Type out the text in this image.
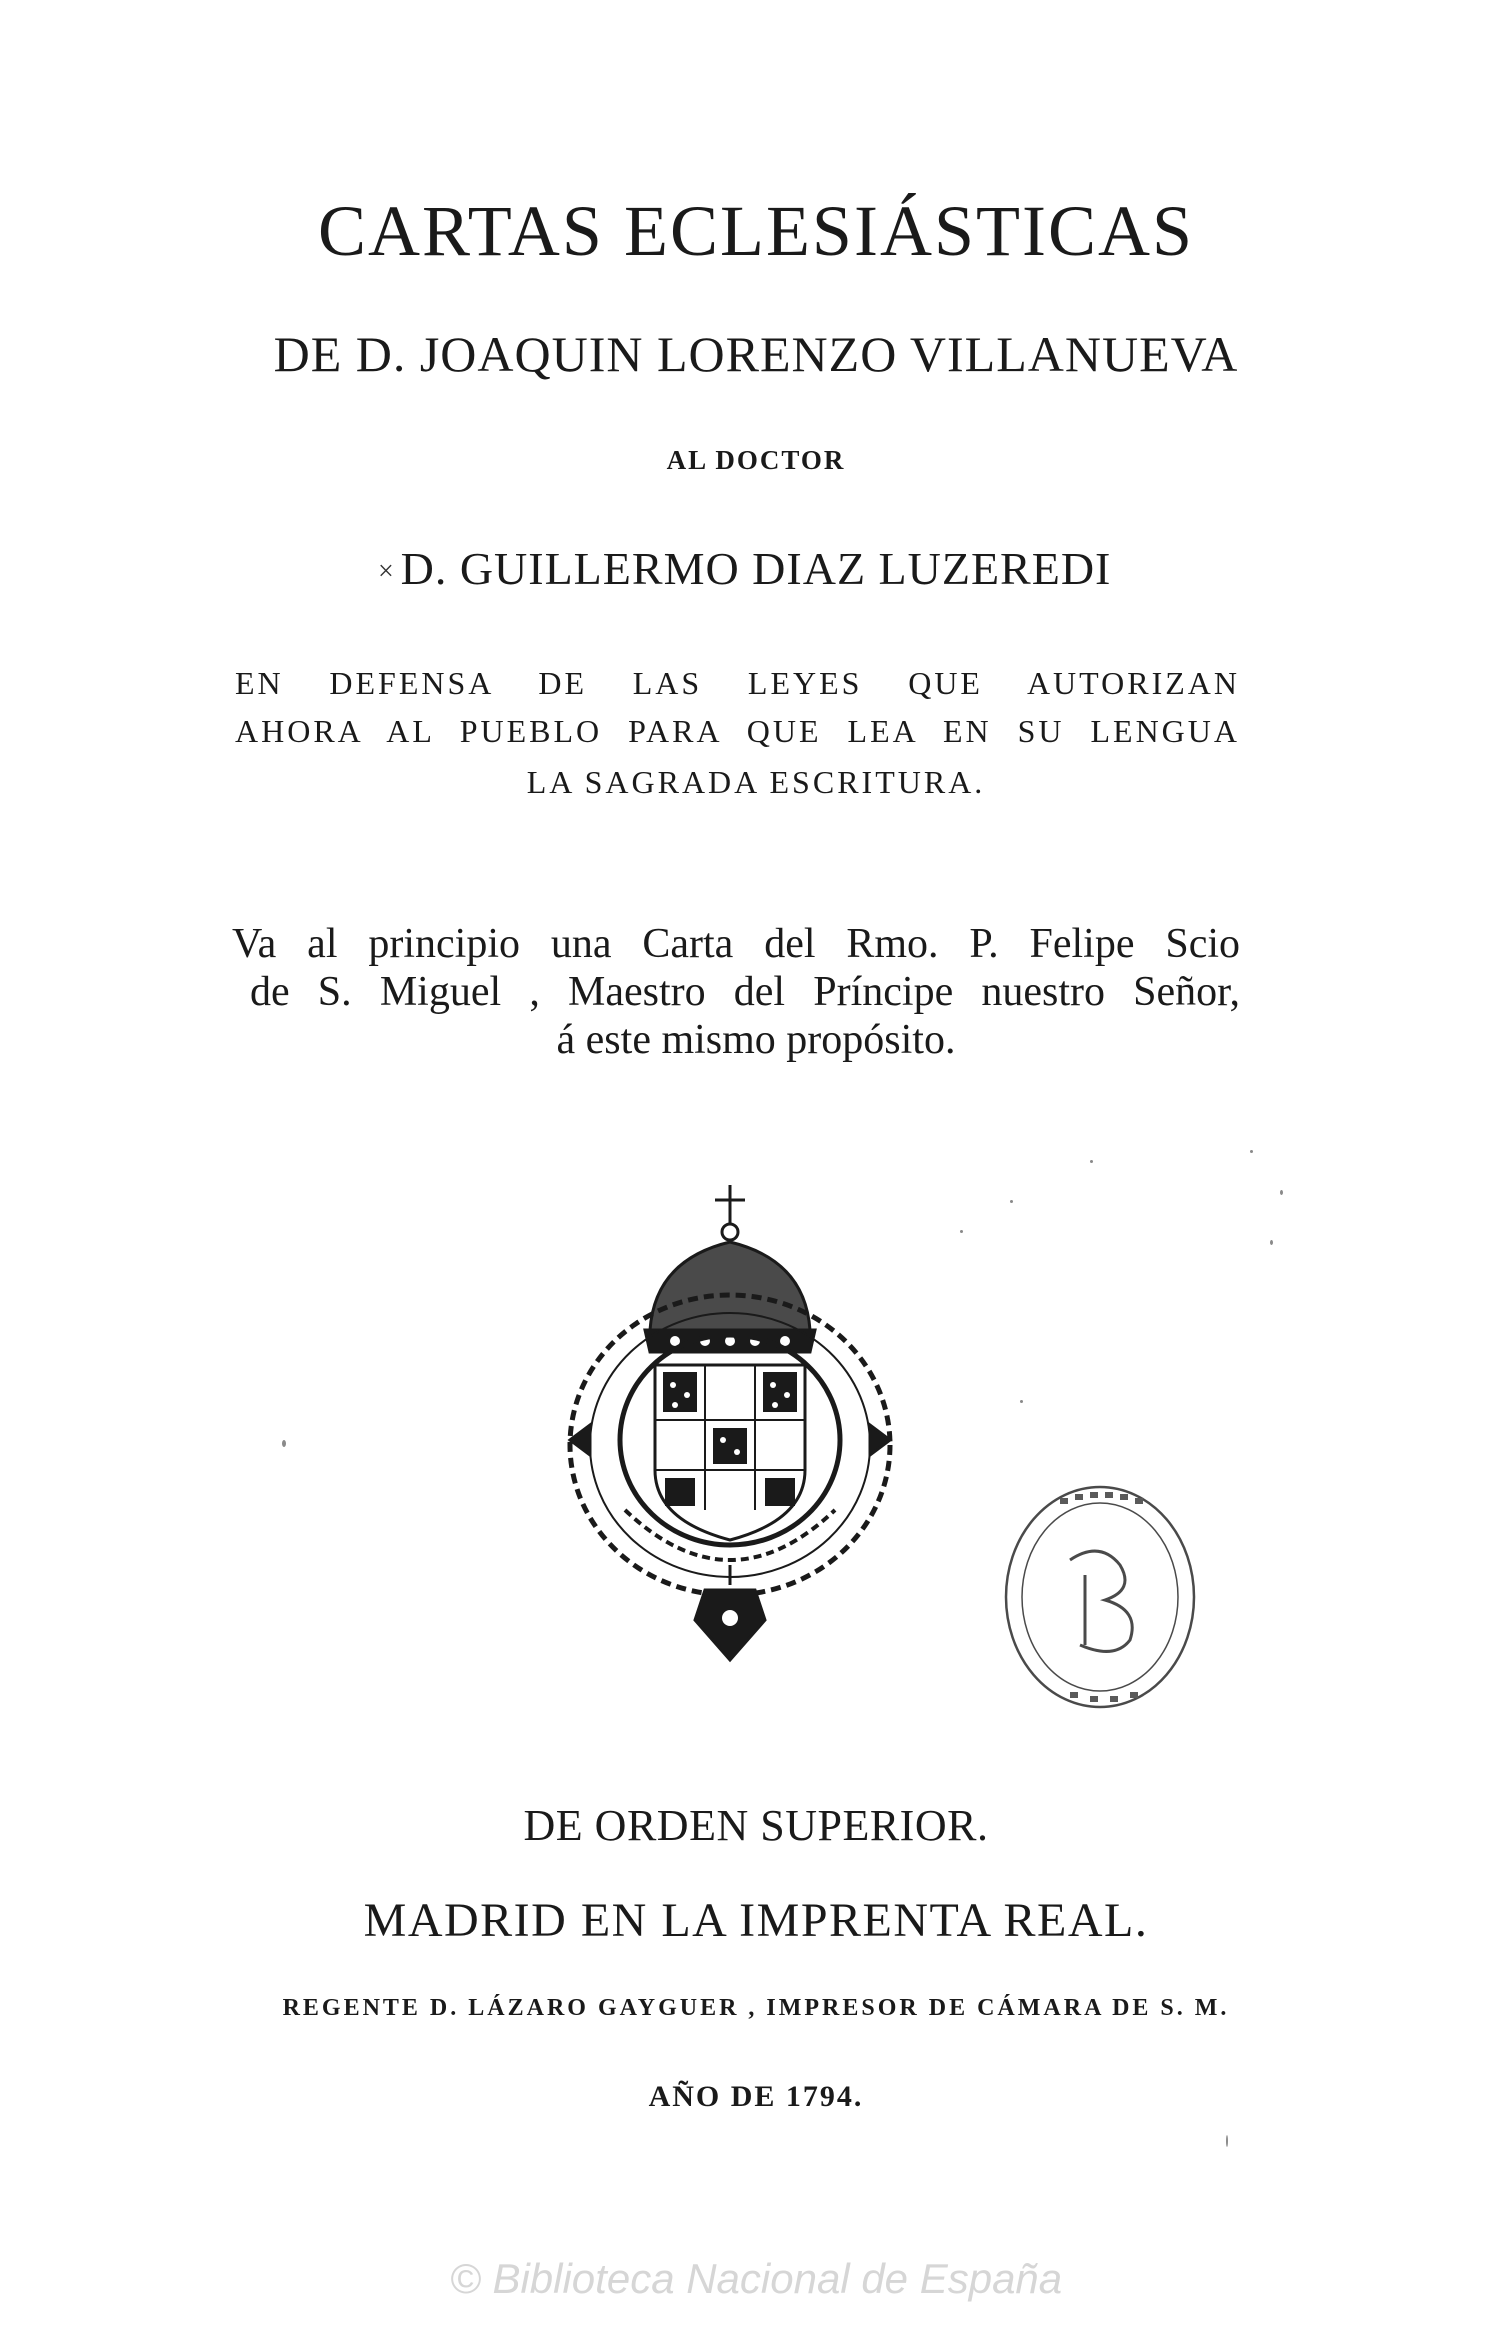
CARTAS ECLESIÁSTICAS
DE D. JOAQUIN LORENZO VILLANUEVA
AL DOCTOR
× D. GUILLERMO DIAZ LUZEREDI
EN DEFENSA DE LAS LEYES QUE AUTORIZAN
AHORA AL PUEBLO PARA QUE LEA EN SU LENGUA
LA SAGRADA ESCRITURA.
Va al principio una Carta del Rmo. P. Felipe Scio
de S. Miguel , Maestro del Príncipe nuestro Señor,
á este mismo propósito.
DE ORDEN SUPERIOR.
MADRID EN LA IMPRENTA REAL.
REGENTE D. LÁZARO GAYGUER , IMPRESOR DE CÁMARA DE S. M.
AÑO DE 1794.
© Biblioteca Nacional de España
